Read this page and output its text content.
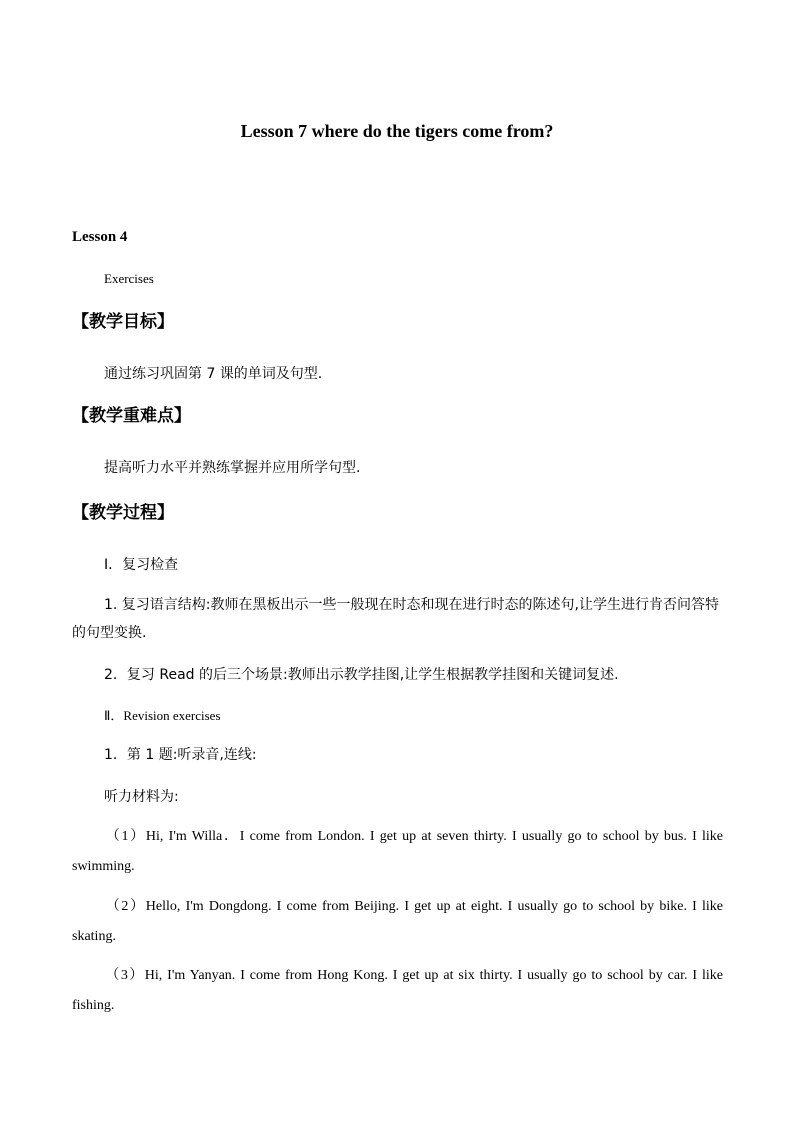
Lesson 7 where do the tigers come from?
Lesson 4
Exercises
【教学目标】
通过练习巩固第 7 课的单词及句型.
【教学重难点】
提高听力水平并熟练掌握并应用所学句型.
【教学过程】
Ⅰ．复习检查
1. 复习语言结构:教师在黑板出示一些一般现在时态和现在进行时态的陈述句,让学生进行肯否问答特的句型变换.
2．复习 Read 的后三个场景:教师出示教学挂图,让学生根据教学挂图和关键词复述.
Ⅱ．Revision exercises
1．第 1 题:听录音,连线:
听力材料为:
（1）Hi, I'm Willa．I come from London. I get up at seven thirty. I usually go to school by bus. I like swimming.
（2）Hello, I'm Dongdong. I come from Beijing. I get up at eight. I usually go to school by bike. I like skating.
（3）Hi, I'm Yanyan. I come from Hong Kong. I get up at six thirty. I usually go to school by car. I like fishing.
